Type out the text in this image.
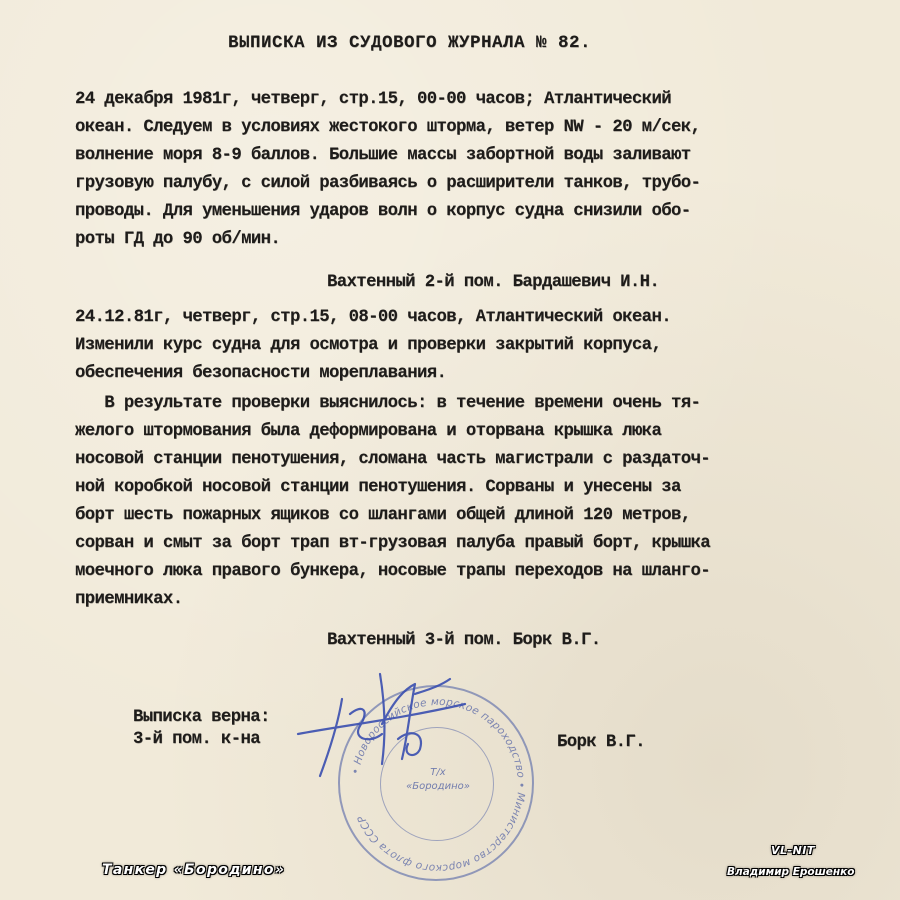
ВЫПИСКА ИЗ СУДОВОГО ЖУРНАЛА № 82.

24 декабря 1981г, четверг, стр.15, 00-00 часов; Атлантический

океан. Следуем в условиях жестокого шторма, ветер NW - 20 м/сек,

волнение моря 8-9 баллов. Большие массы забортной воды заливают

грузовую палубу, с силой разбиваясь о расширители танков, трубо-

проводы. Для уменьшения ударов волн о корпус судна снизили обо-

роты ГД до 90 об/мин.

Вахтенный 2-й пом. Бардашевич И.Н.

24.12.81г, четверг, стр.15, 08-00 часов, Атлантический океан.

Изменили курс судна для осмотра и проверки закрытий корпуса,

обеспечения безопасности мореплавания.

В результате проверки выяснилось: в течение времени очень тя-

желого штормования была деформирована и оторвана крышка люка

носовой станции пенотушения, сломана часть магистрали с раздаточ-

ной коробкой носовой станции пенотушения. Сорваны и унесены за

борт шесть пожарных ящиков со шлангами общей длиной 120 метров,

сорван и смыт за борт трап вт-грузовая палуба правый борт, крышка

моечного люка правого бункера, носовые трапы переходов на шланго-

приемниках.

Вахтенный 3-й пом. Борк В.Г.
Выписка верна:
3-й пом. к-на	Борк В.Г.
• Новороссийское морское пароходство • Министерство морского флота СССР
Т/х
«Бородино»
Танкер «Бородино»
VL-NIT
Владимир Ерошенко
